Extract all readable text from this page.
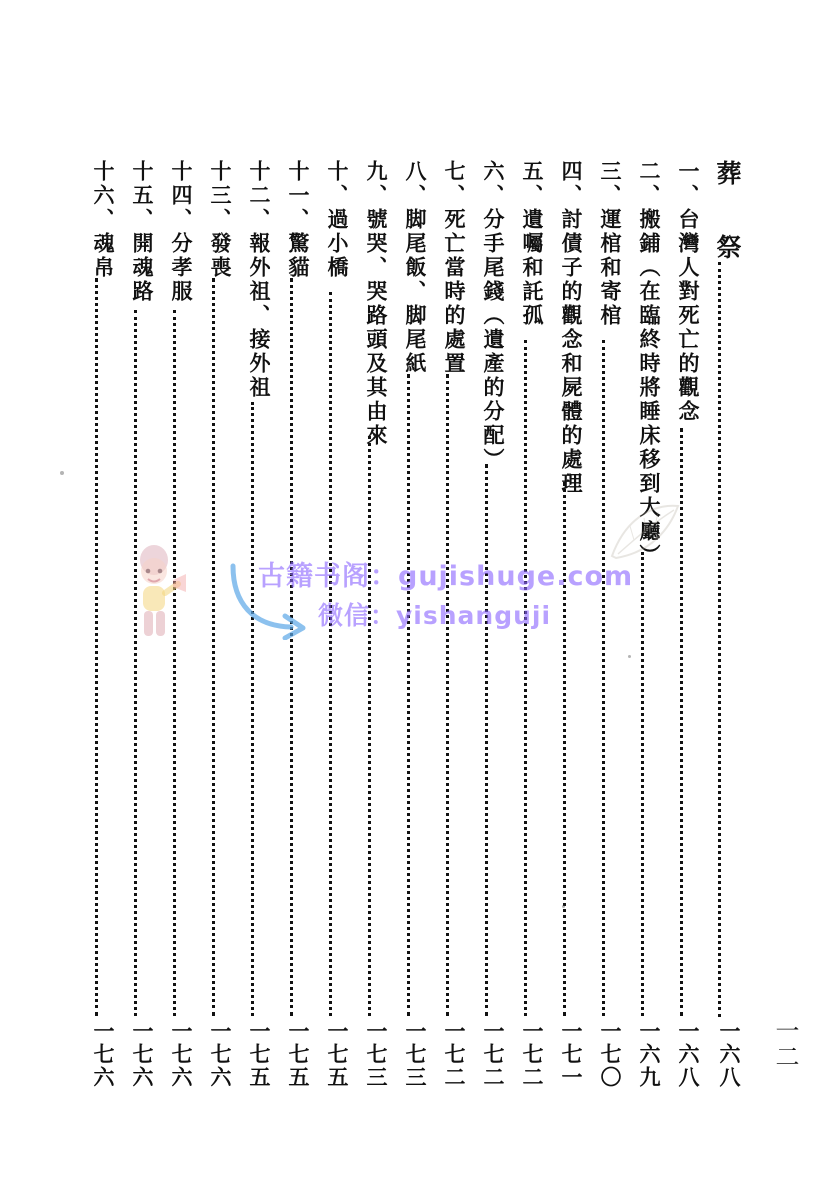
一二
葬 祭
一六八
一、台灣人對死亡的觀念
一六八
二、搬鋪（在臨終時將睡床移到大廳）
一六九
三、運棺和寄棺
一七〇
四、討債子的觀念和屍體的處理
一七一
五、遺囑和託孤
一七二
六、分手尾錢（遺產的分配）
一七二
七、死亡當時的處置
一七二
八、脚尾飯、脚尾紙
一七三
九、號哭、哭路頭及其由來
一七三
十、過小橋
一七五
十一、驚貓
一七五
十二、報外祖、接外祖
一七五
十三、發喪
一七六
十四、分孝服
一七六
十五、開魂路
一七六
十六、魂帛
一七六
古籍书阁：gujishuge.com
微信：yishanguji
